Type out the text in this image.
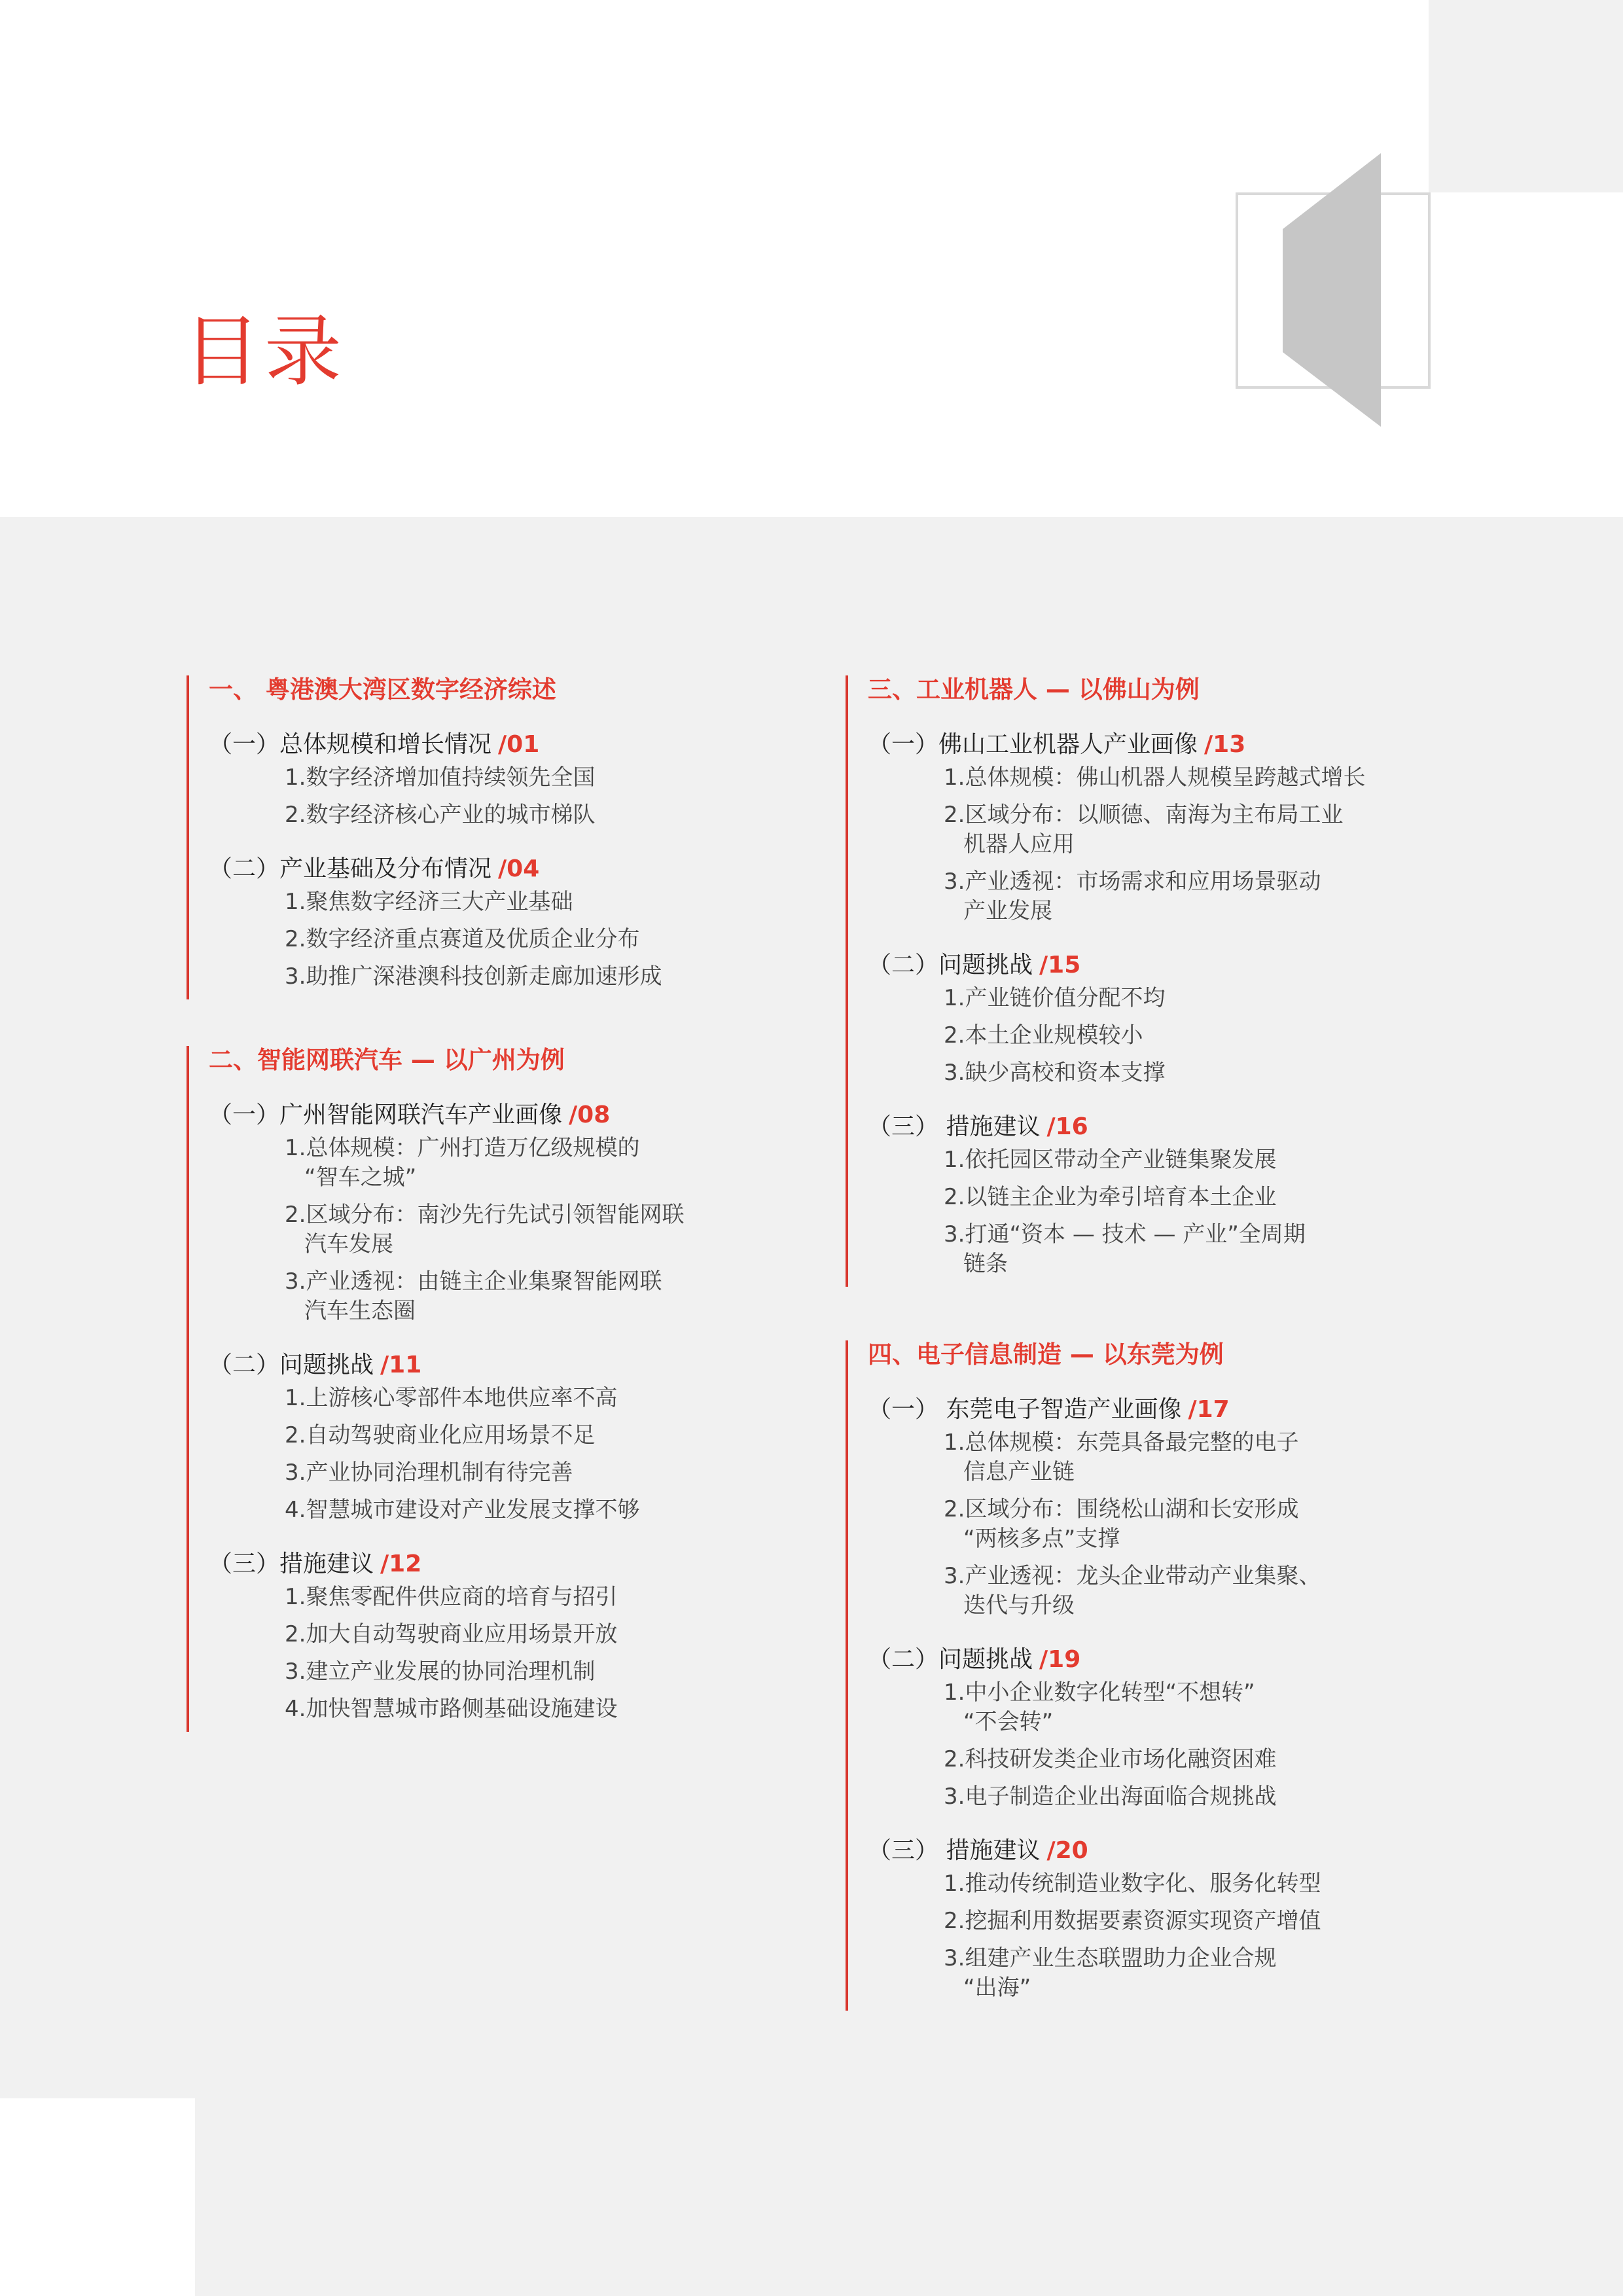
目录
一、 粤港澳大湾区数字经济综述
（一）总体规模和增长情况 /01
1.数字经济增加值持续领先全国
2.数字经济核心产业的城市梯队
（二）产业基础及分布情况 /04
1.聚焦数字经济三大产业基础
2.数字经济重点赛道及优质企业分布
3.助推广深港澳科技创新走廊加速形成
二、智能网联汽车 — 以广州为例
（一）广州智能网联汽车产业画像 /08
1.总体规模：广州打造万亿级规模的
“智车之城”
2.区域分布：南沙先行先试引领智能网联
汽车发展
3.产业透视：由链主企业集聚智能网联
汽车生态圈
（二）问题挑战 /11
1.上游核心零部件本地供应率不高
2.自动驾驶商业化应用场景不足
3.产业协同治理机制有待完善
4.智慧城市建设对产业发展支撑不够
（三）措施建议 /12
1.聚焦零配件供应商的培育与招引
2.加大自动驾驶商业应用场景开放
3.建立产业发展的协同治理机制
4.加快智慧城市路侧基础设施建设
三、工业机器人 — 以佛山为例
（一）佛山工业机器人产业画像 /13
1.总体规模：佛山机器人规模呈跨越式增长
2.区域分布：以顺德、南海为主布局工业
机器人应用
3.产业透视：市场需求和应用场景驱动
产业发展
（二）问题挑战 /15
1.产业链价值分配不均
2.本土企业规模较小
3.缺少高校和资本支撑
（三） 措施建议 /16
1.依托园区带动全产业链集聚发展
2.以链主企业为牵引培育本土企业
3.打通“资本 — 技术 — 产业”全周期
链条
四、电子信息制造 — 以东莞为例
（一） 东莞电子智造产业画像 /17
1.总体规模：东莞具备最完整的电子
信息产业链
2.区域分布：围绕松山湖和长安形成
“两核多点”支撑
3.产业透视：龙头企业带动产业集聚、
迭代与升级
（二）问题挑战 /19
1.中小企业数字化转型“不想转”
“不会转”
2.科技研发类企业市场化融资困难
3.电子制造企业出海面临合规挑战
（三） 措施建议 /20
1.推动传统制造业数字化、服务化转型
2.挖掘利用数据要素资源实现资产增值
3.组建产业生态联盟助力企业合规
“出海”
